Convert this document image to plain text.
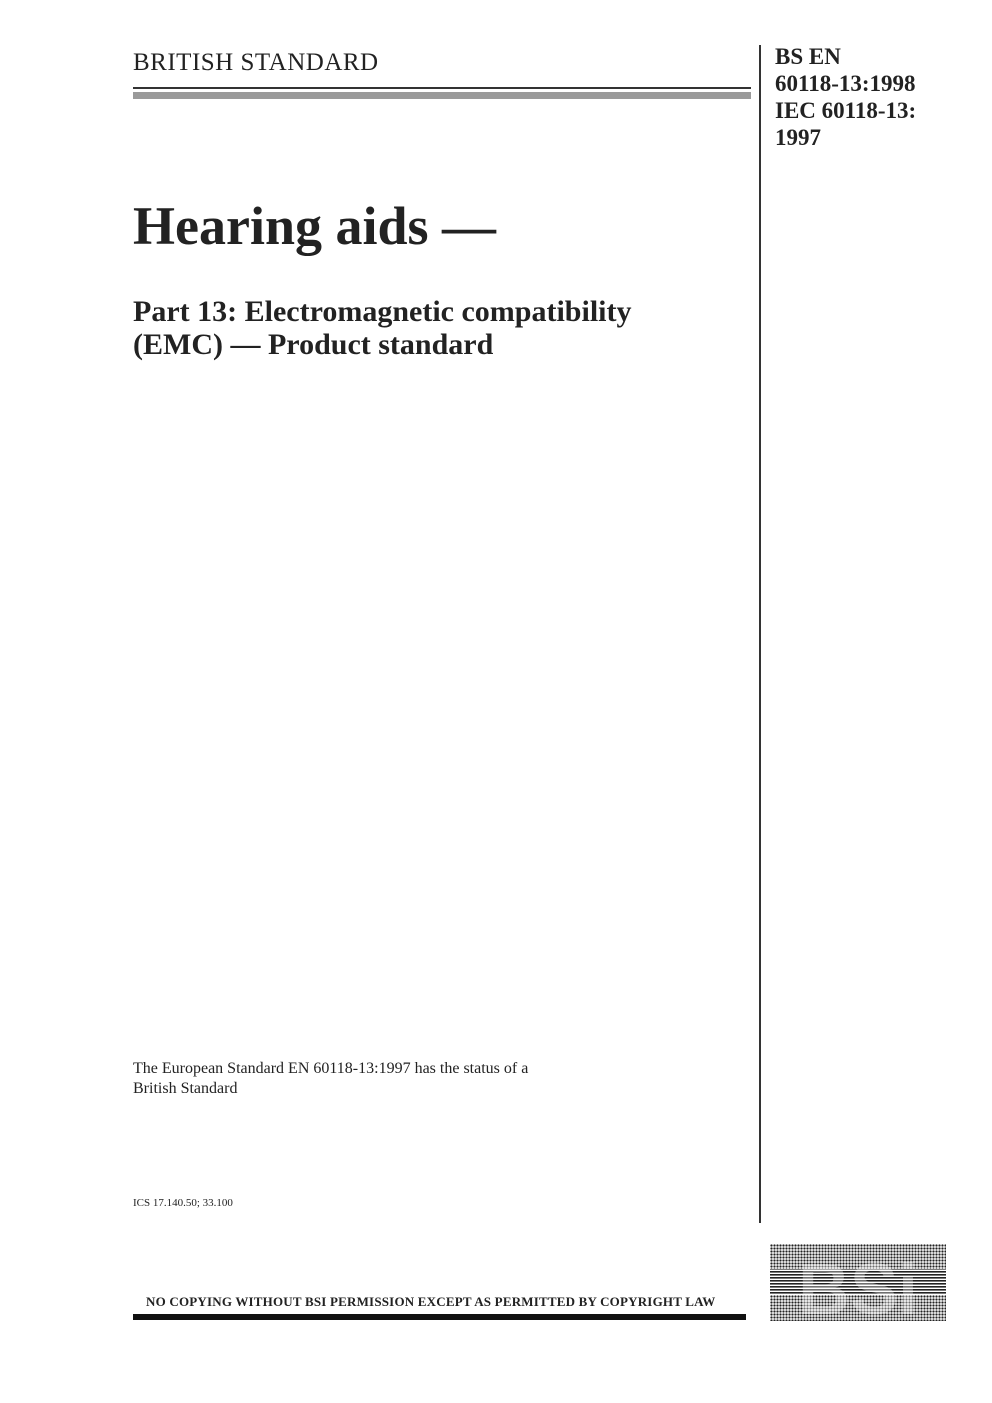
BRITISH STANDARD	BS EN
60118-13:1998
IEC 60118-13:
1997
Hearing aids —
Part 13: Electromagnetic compatibility
(EMC) — Product standard
The European Standard EN 60118-13:1997 has the status of a
British Standard
ICS 17.140.50; 33.100
NO COPYING WITHOUT BSI PERMISSION EXCEPT AS PERMITTED BY COPYRIGHT LAW BSi
